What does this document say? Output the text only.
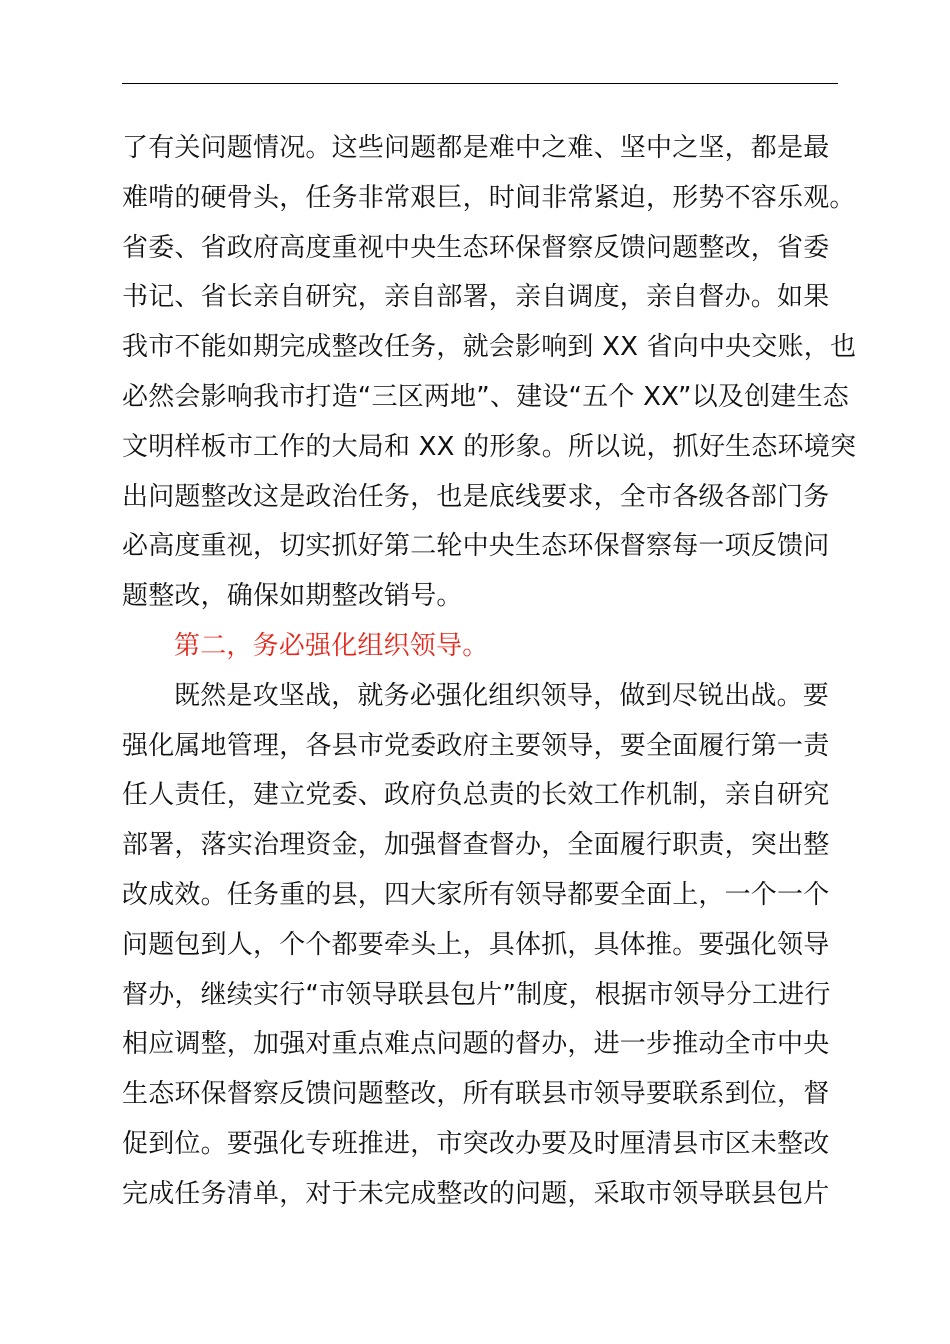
了有关问题情况。这些问题都是难中之难、坚中之坚，都是最
难啃的硬骨头，任务非常艰巨，时间非常紧迫，形势不容乐观。
省委、省政府高度重视中央生态环保督察反馈问题整改，省委
书记、省长亲自研究，亲自部署，亲自调度，亲自督办。如果
我市不能如期完成整改任务，就会影响到 XX 省向中央交账，也
必然会影响我市打造“三区两地”、建设“五个 XX”以及创建生态
文明样板市工作的大局和 XX 的形象。所以说，抓好生态环境突
出问题整改这是政治任务，也是底线要求，全市各级各部门务
必高度重视，切实抓好第二轮中央生态环保督察每一项反馈问
题整改，确保如期整改销号。
第二，务必强化组织领导。
既然是攻坚战，就务必强化组织领导，做到尽锐出战。要
强化属地管理，各县市党委政府主要领导，要全面履行第一责
任人责任，建立党委、政府负总责的长效工作机制，亲自研究
部署，落实治理资金，加强督查督办，全面履行职责，突出整
改成效。任务重的县，四大家所有领导都要全面上，一个一个
问题包到人，个个都要牵头上，具体抓，具体推。要强化领导
督办，继续实行“市领导联县包片”制度，根据市领导分工进行
相应调整，加强对重点难点问题的督办，进一步推动全市中央
生态环保督察反馈问题整改，所有联县市领导要联系到位，督
促到位。要强化专班推进，市突改办要及时厘清县市区未整改
完成任务清单，对于未完成整改的问题，采取市领导联县包片
